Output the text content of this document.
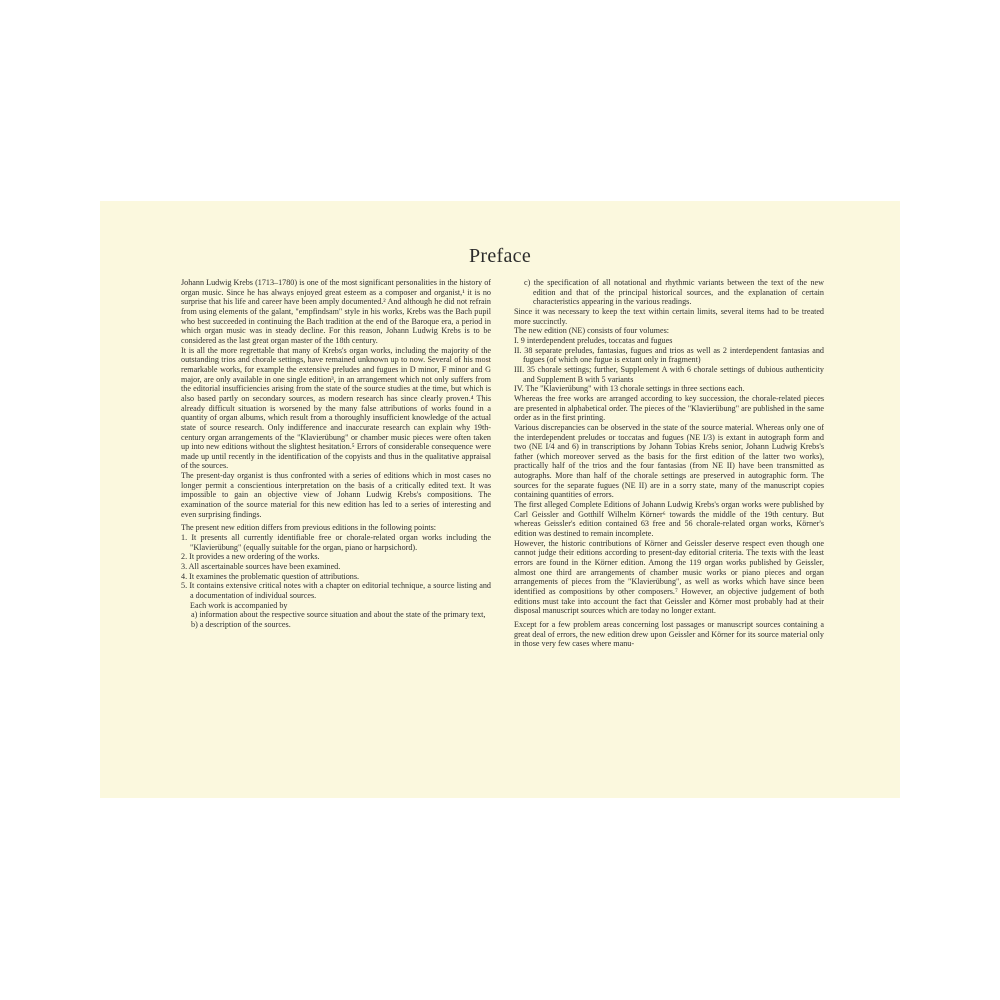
Preface

Johann Ludwig Krebs (1713–1780) is one of the most significant personalities in the history of organ music. Since he has always enjoyed great esteem as a composer and organist,¹ it is no surprise that his life and career have been amply documented.² And although he did not refrain from using elements of the galant, "empfindsam" style in his works, Krebs was the Bach pupil who best succeeded in continuing the Bach tradition at the end of the Baroque era, a period in which organ music was in steady decline. For this reason, Johann Ludwig Krebs is to be considered as the last great organ master of the 18th century.

It is all the more regrettable that many of Krebs's organ works, including the majority of the outstanding trios and chorale settings, have remained unknown up to now. Several of his most remarkable works, for example the extensive preludes and fugues in D minor, F minor and G major, are only available in one single edition³, in an arrangement which not only suffers from the editorial insufficiencies arising from the state of the source studies at the time, but which is also based partly on secondary sources, as modern research has since clearly proven.⁴ This already difficult situation is worsened by the many false attributions of works found in a quantity of organ albums, which result from a thoroughly insufficient knowledge of the actual state of source research. Only indifference and inaccurate research can explain why 19th-century organ arrangements of the "Klavierübung" or chamber music pieces were often taken up into new editions without the slightest hesitation.⁵ Errors of considerable consequence were made up until recently in the identification of the copyists and thus in the qualitative appraisal of the sources.

The present-day organist is thus confronted with a series of editions which in most cases no longer permit a conscientious interpretation on the basis of a critically edited text. It was impossible to gain an objective view of Johann Ludwig Krebs's compositions. The examination of the source material for this new edition has led to a series of interesting and even surprising findings.

The present new edition differs from previous editions in the following points:

1. It presents all currently identifiable free or chorale-related organ works including the "Klavierübung" (equally suitable for the organ, piano or harpsichord).
2. It provides a new ordering of the works.
3. All ascertainable sources have been examined.
4. It examines the problematic question of attributions.
5. It contains extensive critical notes with a chapter on editorial technique, a source listing and a documentation of individual sources.

Each work is accompanied by

a) information about the respective source situation and about the state of the primary text,

b) a description of the sources.

c) the specification of all notational and rhythmic variants between the text of the new edition and that of the principal historical sources, and the explanation of certain characteristics appearing in the various readings.

Since it was necessary to keep the text within certain limits, several items had to be treated more succinctly.

The new edition (NE) consists of four volumes:

I. 9 interdependent preludes, toccatas and fugues
II. 38 separate preludes, fantasias, fugues and trios as well as 2 interdependent fantasias and fugues (of which one fugue is extant only in fragment)
III. 35 chorale settings; further, Supplement A with 6 chorale settings of dubious authenticity and Supplement B with 5 variants
IV. The "Klavierübung" with 13 chorale settings in three sections each.

Whereas the free works are arranged according to key succession, the chorale-related pieces are presented in alphabetical order. The pieces of the "Klavierübung" are published in the same order as in the first printing.

Various discrepancies can be observed in the state of the source material. Whereas only one of the interdependent preludes or toccatas and fugues (NE I/3) is extant in autograph form and two (NE I/4 and 6) in transcriptions by Johann Tobias Krebs senior, Johann Ludwig Krebs's father (which moreover served as the basis for the first edition of the latter two works), practically half of the trios and the four fantasias (from NE II) have been transmitted as autographs. More than half of the chorale settings are preserved in autographic form. The sources for the separate fugues (NE II) are in a sorry state, many of the manuscript copies containing quantities of errors.

The first alleged Complete Editions of Johann Ludwig Krebs's organ works were published by Carl Geissler and Gotthilf Wilhelm Körner⁶ towards the middle of the 19th century. But whereas Geissler's edition contained 63 free and 56 chorale-related organ works, Körner's edition was destined to remain incomplete.

However, the historic contributions of Körner and Geissler deserve respect even though one cannot judge their editions according to present-day editorial criteria. The texts with the least errors are found in the Körner edition. Among the 119 organ works published by Geissler, almost one third are arrangements of chamber music works or piano pieces and organ arrangements of pieces from the "Klavierübung", as well as works which have since been identified as compositions by other composers.⁷ However, an objective judgement of both editions must take into account the fact that Geissler and Körner most probably had at their disposal manuscript sources which are today no longer extant.

Except for a few problem areas concerning lost passages or manuscript sources containing a great deal of errors, the new edition drew upon Geissler and Körner for its source material only in those very few cases where manu-
